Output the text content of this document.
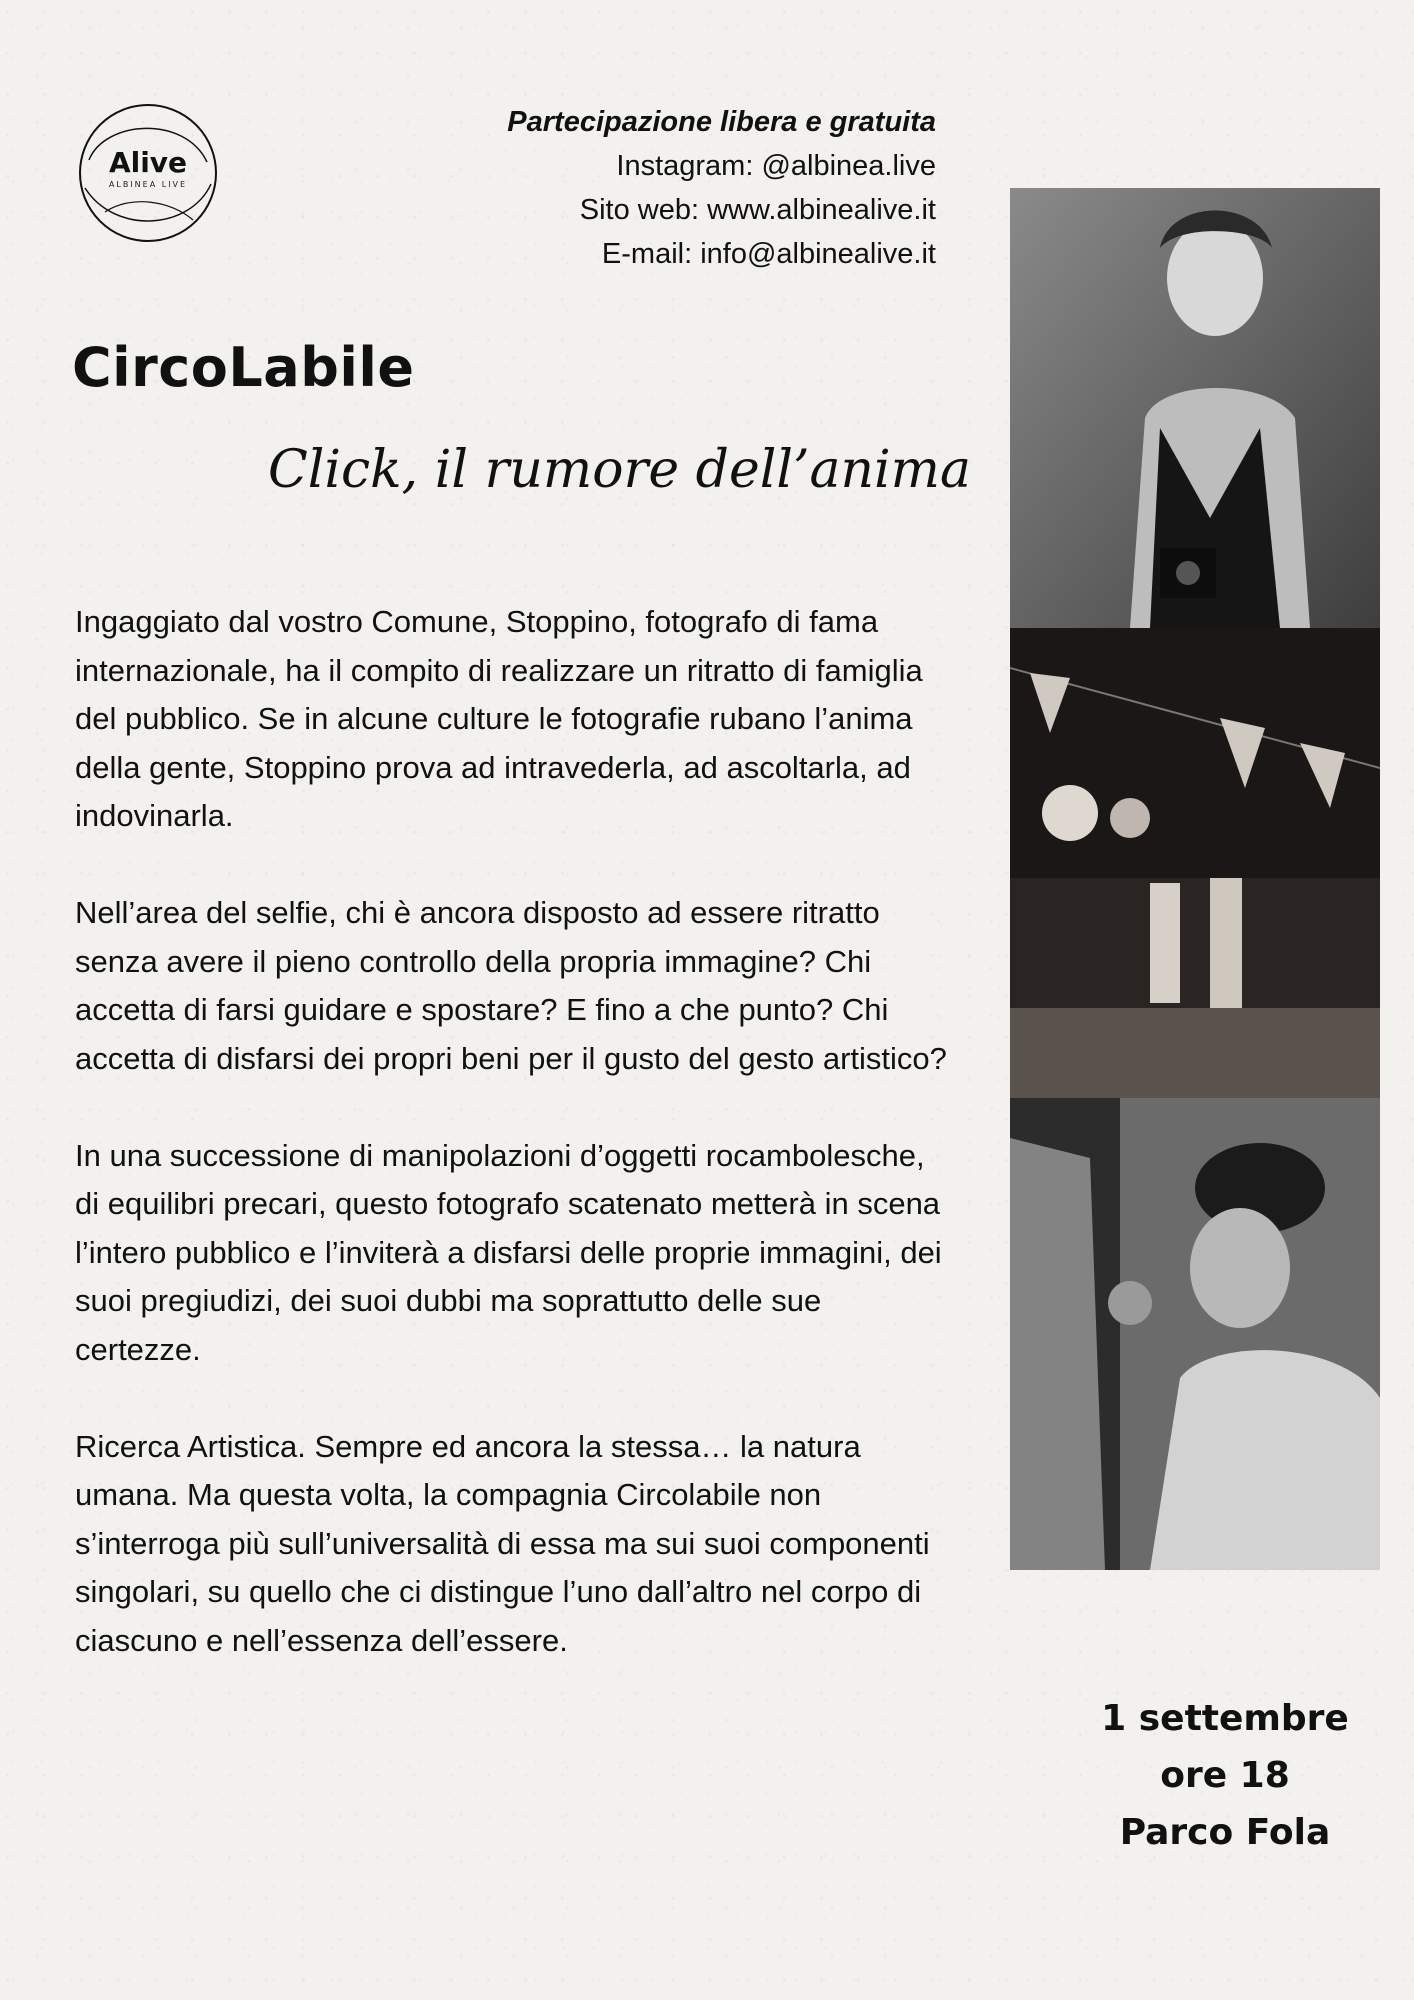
Alive
ALBINEA LIVE
Partecipazione libera e gratuita
Instagram: @albinea.live
Sito web: www.albinealive.it
E-mail: info@albinealive.it
CircoLabile
Click, il rumore dell’anima

Ingaggiato dal vostro Comune, Stoppino, fotografo di fama internazionale, ha il compito di realizzare un ritratto di famiglia del pubblico. Se in alcune culture le fotografie rubano l’anima della gente, Stoppino prova ad intravederla, ad ascoltarla, ad indovinarla.

Nell’area del selfie, chi è ancora disposto ad essere ritratto senza avere il pieno controllo della propria immagine? Chi accetta di farsi guidare e spostare? E fino a che punto? Chi accetta di disfarsi dei propri beni per il gusto del gesto artistico?

In una successione di manipolazioni d’oggetti rocambolesche, di equilibri precari, questo fotografo scatenato metterà in scena l’intero pubblico e l’inviterà a disfarsi delle proprie immagini, dei suoi pregiudizi, dei suoi dubbi ma soprattutto delle sue certezze.

Ricerca Artistica. Sempre ed ancora la stessa… la natura umana. Ma questa volta, la compagnia Circolabile non s’interroga più sull’universalità di essa ma sui suoi componenti singolari, su quello che ci distingue l’uno dall’altro nel corpo di ciascuno e nell’essenza dell’essere.

1 settembre
ore 18
Parco Fola
